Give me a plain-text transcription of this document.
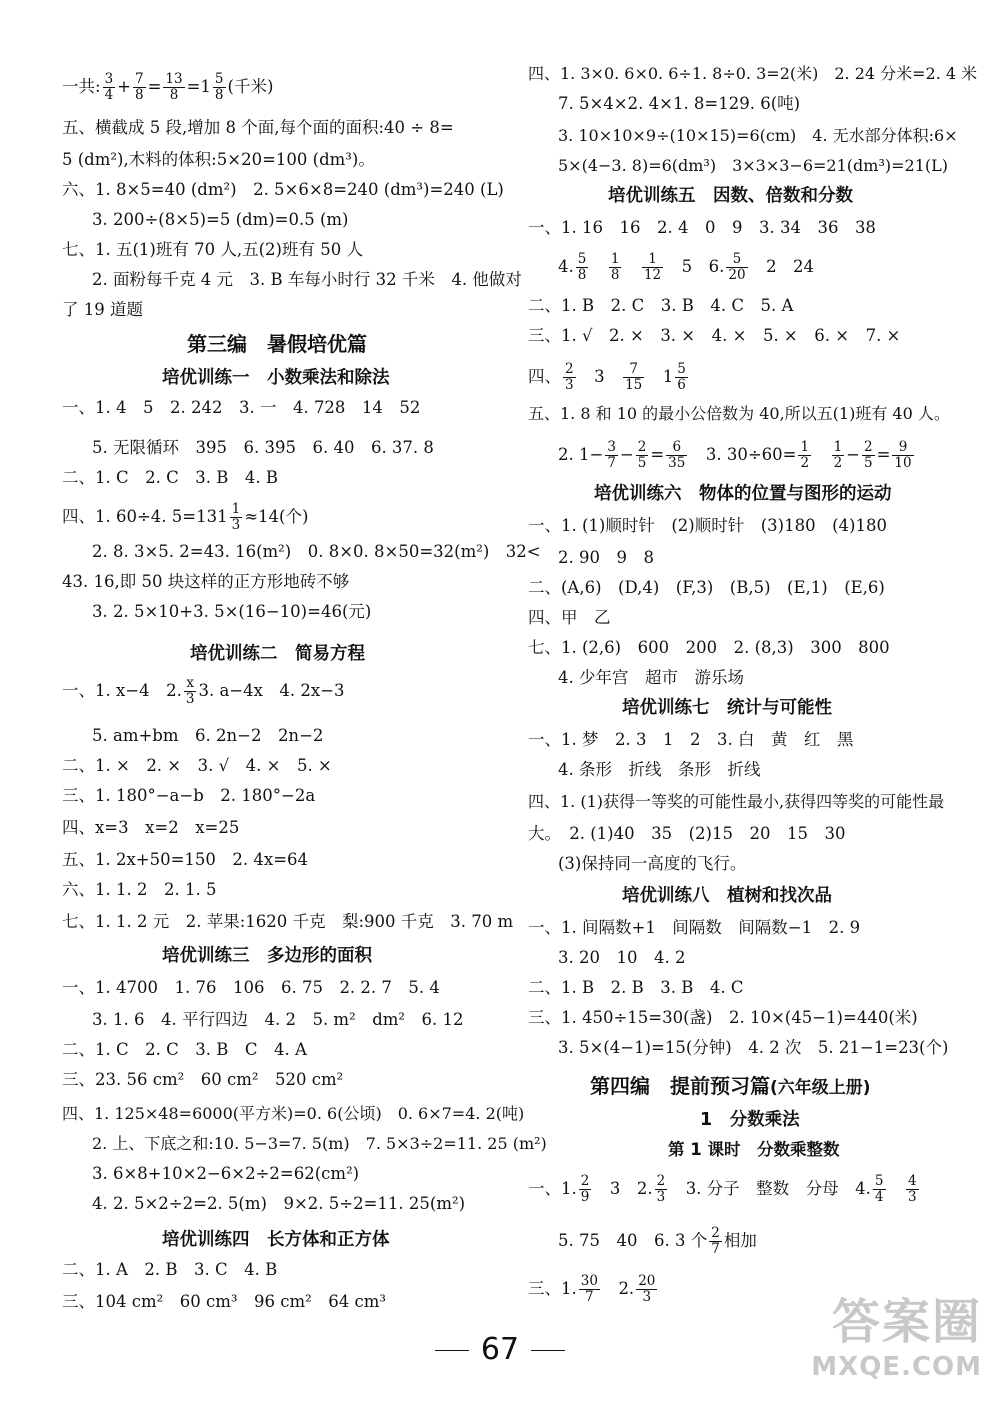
一共: $\frac{3}{4} + \frac{7}{8} = \frac{13}{8} =1 \frac{5}{8}$ (千米)
五、横截成 5 段,增加 8 个面,每个面的面积:40 ÷ 8=
5 (dm²),木料的体积:5×20=100 (dm³)。
六、1. 8×5=40 (dm²)　2. 5×6×8=240 (dm³)=240 (L)
3. 200÷(8×5)=5 (dm)=0.5 (m)
七、1. 五(1)班有 70 人,五(2)班有 50 人
2. 面粉每千克 4 元　3. B 车每小时行 32 千米　4. 他做对
了 19 道题
第三编　暑假培优篇
培优训练一　小数乘法和除法
一、1. 4　5　2. 242　3. 一　4. 728　14　52
5. 无限循环　395　6. 3̇9̇5̇　6. 40　6. 37. 8
二、1. C　2. C　3. B　4. B
四、1. 60÷4. $5=131 \frac{1}{3} \approx 14$(个)
2. 8. 3×5. 2=43. 16(m²)　0. 8×0. 8×50=32(m²)　32<
43. 16,即 50 块这样的正方形地砖不够
3. 2. 5×10+3. 5×(16−10)=46(元)
培优训练二　简易方程
一、1. x−4　2. $\frac{x}{3} 3$. a−4x　4. 2x−3
5. am+bm　6. 2n−2　2n−2
二、1. ×　2. ×　3. √　4. ×　5. ×
三、1. 180°−a−b　2. 180°−2a
四、x=3　x=2　x=25
五、1. 2x+50=150　2. 4x=64
六、1. 1. 2　2. 1. 5
七、1. 1. 2 元　2. 苹果:1620 千克　梨:900 千克　3. 70 m
培优训练三　多边形的面积
一、1. 4700　1. 76　106　6. 75　2. 2. 7　5. 4
3. 1. 6　4. 平行四边　4. 2　5. m²　dm²　6. 12
二、1. C　2. C　3. B　C　4. A
三、23. 56 cm²　60 cm²　520 cm²
四、1. 125×48=6000(平方米)=0. 6(公顷)　0. 6×7=4. 2(吨)
2. 上、下底之和:10. 5−3=7. 5(m)　7. 5×3÷2=11. 25 (m²)
3. 6×8+10×2−6×2÷2=62(cm²)
4. 2. 5×2÷2=2. 5(m)　9×2. 5÷2=11. 25(m²)
培优训练四　长方体和正方体
二、1. A　2. B　3. C　4. B
三、104 cm²　60 cm³　96 cm²　64 cm³
四、1. 3×0. 6×0. 6÷1. 8÷0. 3=2(米)　2. 24 分米=2. 4 米
7. 5×4×2. 4×1. 8=129. 6(吨)
3. 10×10×9÷(10×15)=6(cm)　4. 无水部分体积:6×
5×(4−3. 8)=6(dm³)　3×3×3−6=21(dm³)=21(L)
培优训练五　因数、倍数和分数
一、1. 16　16　2. 4　0　9　3. 34　36　38
4. $\frac{5}{8}$
　 $\frac{1}{8}$
　 $\frac{1}{12}$
　 5　 6. $\frac{5}{20}$
　 2　24
二、1. B　2. C　3. B　4. C　5. A
三、1. √　2. ×　3. ×　4. ×　5. ×　6. ×　7. ×
四、 $\frac{2}{3}$
　 3　 $\frac{7}{15}$
　 $1 \frac{5}{6}$
五、1. 8 和 10 的最小公倍数为 40,所以五(1)班有 40 人。
2. $1- \frac{3}{7} - \frac{2}{5} = \frac{6}{35}$
　 3. $30\div 60= \frac{1}{2}$
　 $\frac{1}{2} - \frac{2}{5} = \frac{9}{10}$
培优训练六　物体的位置与图形的运动
一、1. (1)顺时针　(2)顺时针　(3)180　(4)180
2. 90　9　8
二、(A,6)　(D,4)　(F,3)　(B,5)　(E,1)　(E,6)
四、甲　乙
七、1. (2,6)　600　200　2. (8,3)　300　800
4. 少年宫　超市　游乐场
培优训练七　统计与可能性
一、1. 梦　2. 3　1　2　3. 白　黄　红　黑
4. 条形　折线　条形　折线
四、1. (1)获得一等奖的可能性最小,获得四等奖的可能性最
大。　2. (1)40　35　(2)15　20　15　30
(3)保持同一高度的飞行。
培优训练八　植树和找次品
一、1. 间隔数+1　间隔数　间隔数−1　2. 9
3. 20　10　4. 2
二、1. B　2. B　3. B　4. C
三、1. 450÷15=30(盏)　2. 10×(45−1)=440(米)
3. 5×(4−1)=15(分钟)　4. 2 次　5. 21−1=23(个)
第四编　提前预习篇(六年级上册)
1　分数乘法
第 1 课时　分数乘整数
一、1. $\frac{2}{9}$
　 3　 2. $\frac{2}{3}$
　 3. 分子　整数　分母　4. $\frac{5}{4}$
　 $\frac{4}{3}$
5. 75　40　6. 3 个 $\frac{2}{7}$ 相加
三、1. $\frac{30}{7}$
　 2. $\frac{20}{3}$
67	答案圈
MXQE.COM
